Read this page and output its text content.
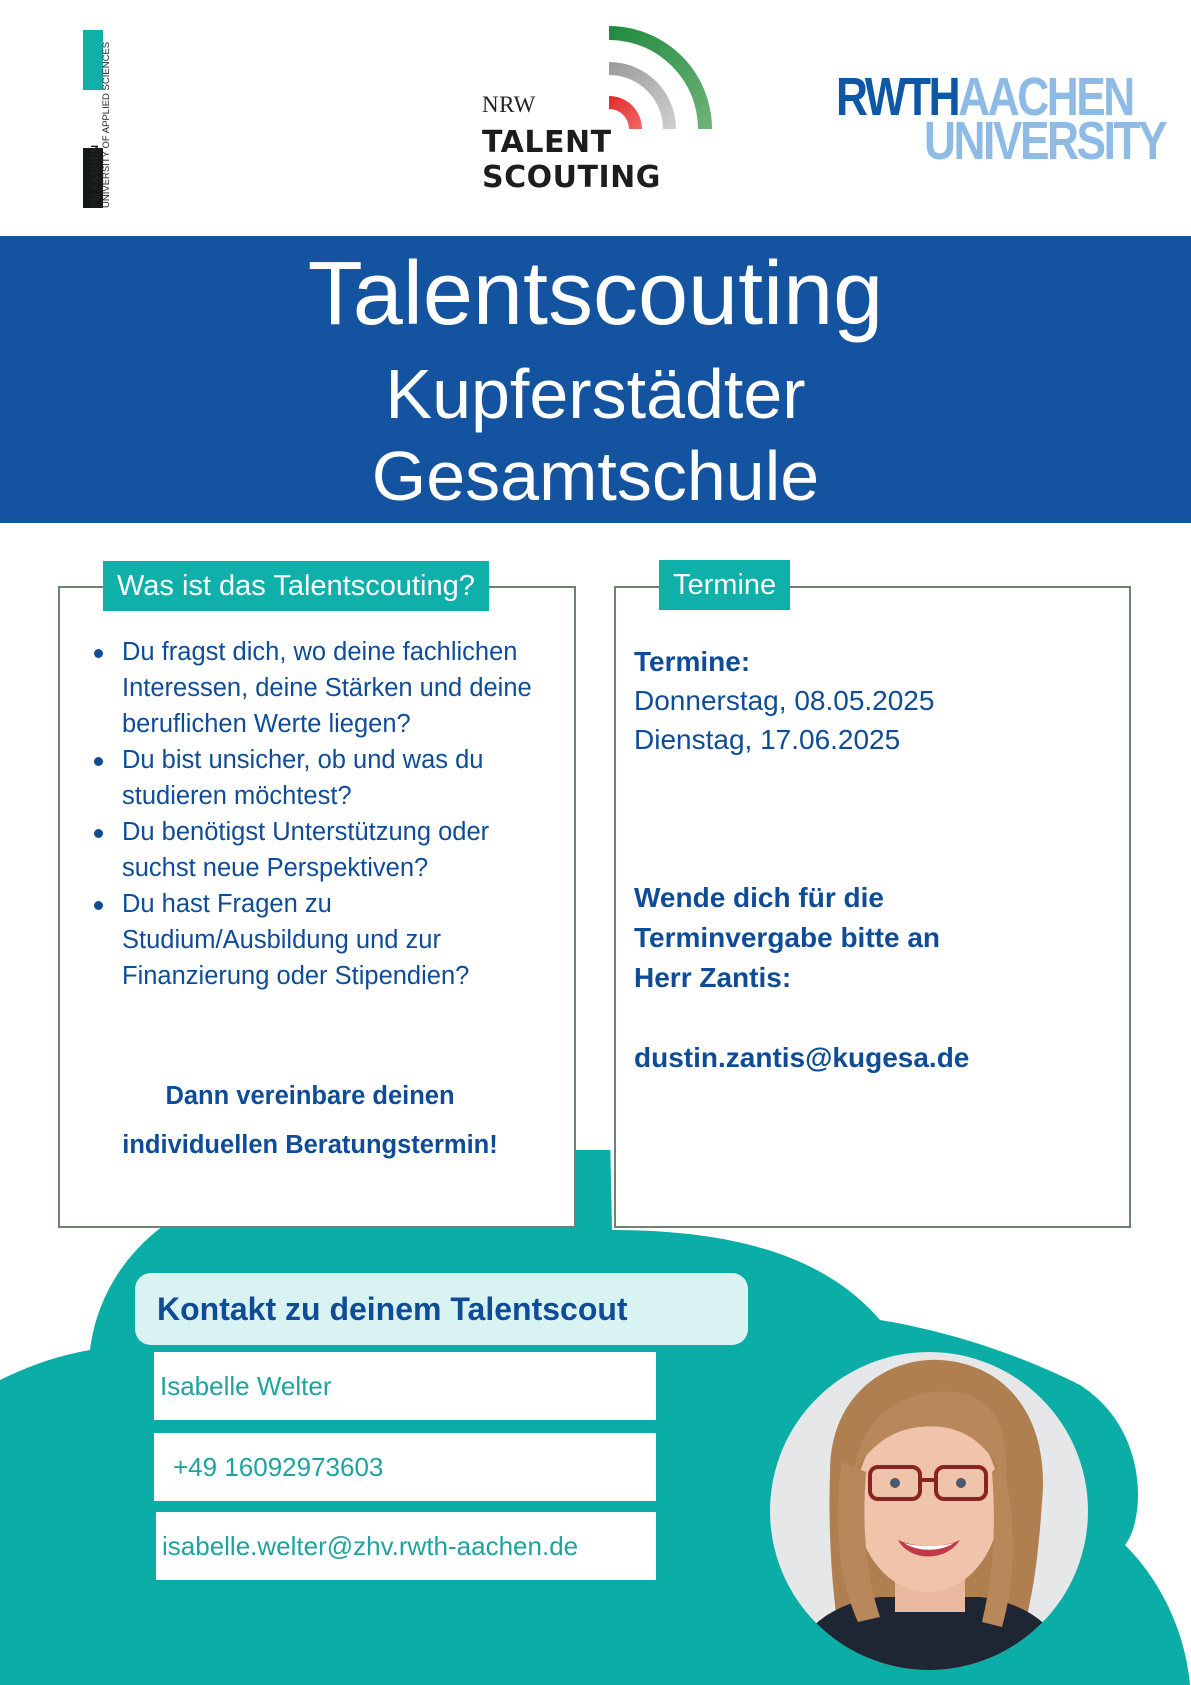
FH AACHEN UNIVERSITY OF APPLIED SCIENCES	NRW
TALENT
SCOUTING
RWTHAACHEN
UNIVERSITY
Talentscouting
Kupferstädter
Gesamtschule
Was ist das Talentscouting?
Du fragst dich, wo deine fachlichen Interessen, deine Stärken und deine beruflichen Werte liegen?
Du bist unsicher, ob und was du studieren möchtest?
Du benötigst Unterstützung oder suchst neue Perspektiven?
Du hast Fragen zu Studium/Ausbildung und zur Finanzierung oder Stipendien?
Dann vereinbare deinen
individuellen Beratungstermin!
Termine
Termine:
Donnerstag, 08.05.2025
Dienstag, 17.06.2025
Wende dich für die
Terminvergabe bitte an
Herr Zantis:
dustin.zantis@kugesa.de
Kontakt zu deinem Talentscout
Isabelle Welter
+49 16092973603
isabelle.welter@zhv.rwth-aachen.de
